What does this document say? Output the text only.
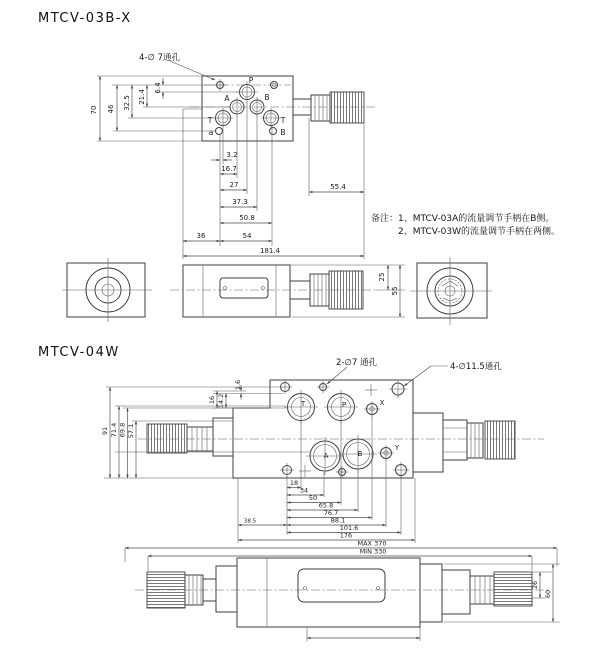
MTCV-03B-X
4-∅ 7通孔
P
A	B
T
a
T
B
70 46 32.5 21.4
6.4
3.2
16.7
27
37.3
50.8
36	54
181.4
55.4
25
55
备注：1、MTCV-03A的流量调节手柄在B侧。
2、MTCV-03W的流量调节手柄在两侧。
MTCV-04W
2-∅7 通孔	4-∅11.5通孔
T	P	X
A	B
Y
16 14.2
1.6
91 71.4 69.8 57.1
18
34
50
65.8
76.7
88.1
38.5
101.6
176
MAX 370
MIN 330
26
60
